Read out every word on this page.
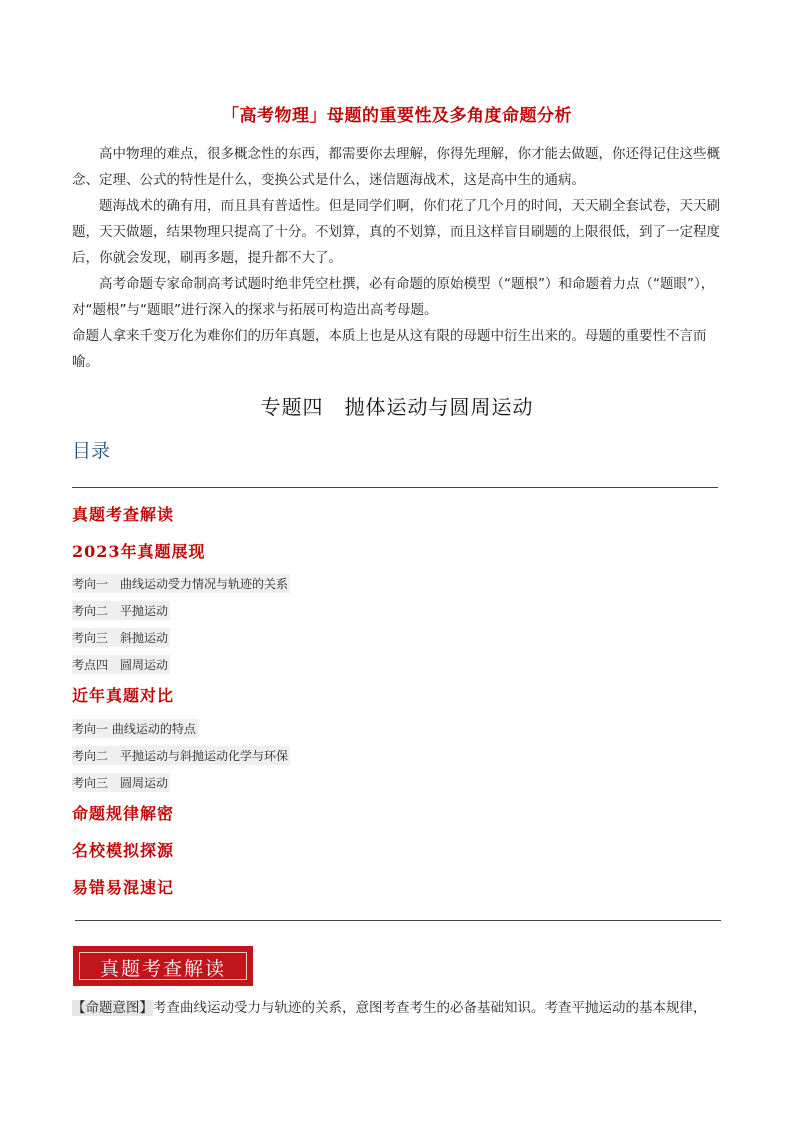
「高考物理」母题的重要性及多角度命题分析

高中物理的难点，很多概念性的东西，都需要你去理解，你得先理解，你才能去做题，你还得记住这些概念、定理、公式的特性是什么，变换公式是什么，迷信题海战术，这是高中生的通病。

题海战术的确有用，而且具有普适性。但是同学们啊，你们花了几个月的时间，天天刷全套试卷，天天刷题，天天做题，结果物理只提高了十分。不划算，真的不划算，而且这样盲目刷题的上限很低，到了一定程度后，你就会发现，刷再多题，提升都不大了。

高考命题专家命制高考试题时绝非凭空杜撰，必有命题的原始模型（“题根”）和命题着力点（“题眼”），对“题根”与“题眼”进行深入的探求与拓展可构造出高考母题。

命题人拿来千变万化为难你们的历年真题，本质上也是从这有限的母题中衍生出来的。母题的重要性不言而喻。

专题四　抛体运动与圆周运动
目录
真题考查解读
2023年真题展现
考向一　曲线运动受力情况与轨迹的关系
考向二　平抛运动
考向三　斜抛运动
考点四　圆周运动
近年真题对比
考向一 曲线运动的特点
考向二　平抛运动与斜抛运动化学与环保
考向三　圆周运动
命题规律解密
名校模拟探源
易错易混速记
真题考查解读
【命题意图】考查曲线运动受力与轨迹的关系，意图考查考生的必备基础知识。考查平抛运动的基本规律，
